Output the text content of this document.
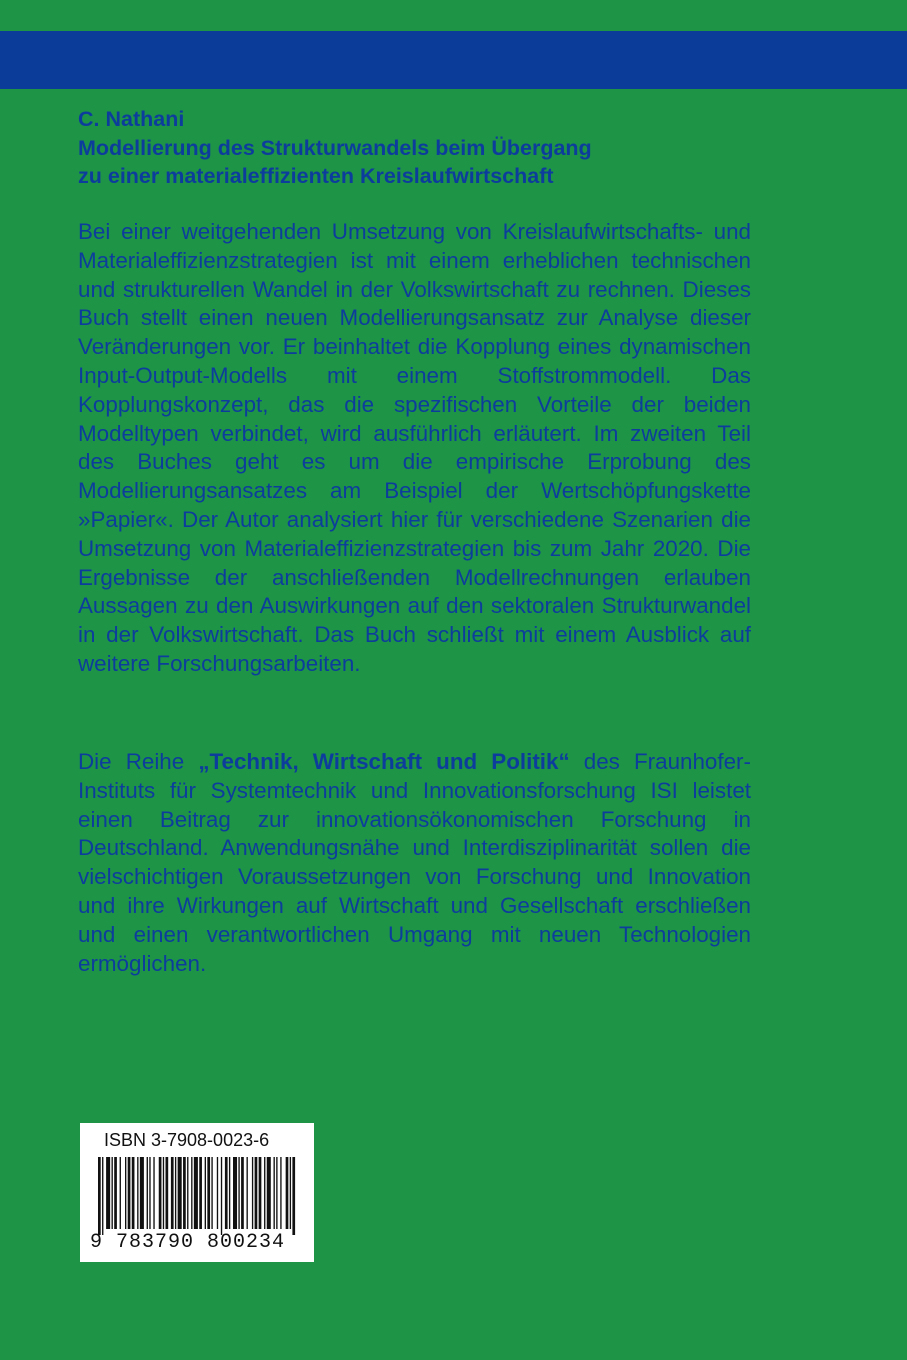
C. Nathani
Modellierung des Strukturwandels beim Übergang
zu einer materialeffizienten Kreislaufwirtschaft
Bei einer weitgehenden Umsetzung von Kreislaufwirtschafts- und Materialeffizienzstrategien ist mit einem erheblichen technischen und strukturellen Wandel in der Volkswirtschaft zu rechnen. Dieses Buch stellt einen neuen Modellierungsansatz zur Analyse dieser Veränderungen vor. Er beinhaltet die Kopplung eines dynamischen Input-Output-Modells mit einem Stoffstrommodell. Das Kopplungskonzept, das die spezifischen Vorteile der beiden Modelltypen verbindet, wird ausführlich erläutert. Im zweiten Teil des Buches geht es um die empirische Erprobung des Modellierungsansatzes am Beispiel der Wertschöpfungskette »Papier«. Der Autor analysiert hier für verschiedene Szenarien die Umsetzung von Materialeffizienzstrategien bis zum Jahr 2020. Die Ergebnisse der anschließenden Modellrechnungen erlauben Aussagen zu den Auswirkungen auf den sektoralen Strukturwandel in der Volkswirtschaft. Das Buch schließt mit einem Ausblick auf weitere Forschungsarbeiten.
Die Reihe „Technik, Wirtschaft und Politik“ des Fraunhofer-Instituts für Systemtechnik und Innovationsforschung ISI leistet einen Beitrag zur innovationsökonomischen Forschung in Deutschland. Anwendungsnähe und Interdisziplinarität sollen die vielschichtigen Voraussetzungen von Forschung und Innovation und ihre Wirkungen auf Wirtschaft und Gesellschaft erschließen und einen verantwortlichen Umgang mit neuen Technologien ermöglichen.
ISBN 3-7908-0023-6
9 783790 800234
